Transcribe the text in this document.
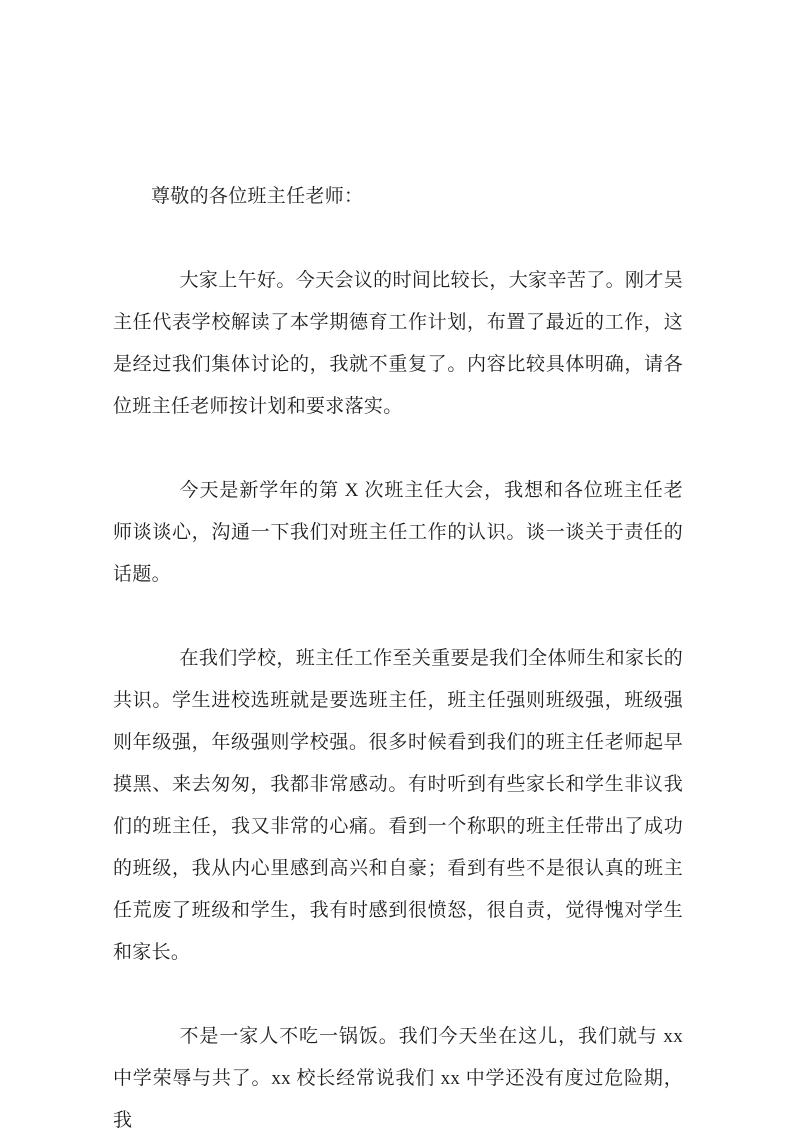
尊敬的各位班主任老师：

大家上午好。今天会议的时间比较长，大家辛苦了。刚才吴主任代表学校解读了本学期德育工作计划，布置了最近的工作，这是经过我们集体讨论的，我就不重复了。内容比较具体明确，请各位班主任老师按计划和要求落实。

今天是新学年的第 X 次班主任大会，我想和各位班主任老师谈谈心，沟通一下我们对班主任工作的认识。谈一谈关于责任的话题。

在我们学校，班主任工作至关重要是我们全体师生和家长的共识。学生进校选班就是要选班主任，班主任强则班级强，班级强则年级强，年级强则学校强。很多时候看到我们的班主任老师起早摸黑、来去匆匆，我都非常感动。有时听到有些家长和学生非议我们的班主任，我又非常的心痛。看到一个称职的班主任带出了成功的班级，我从内心里感到高兴和自豪；看到有些不是很认真的班主任荒废了班级和学生，我有时感到很愤怒，很自责，觉得愧对学生和家长。

不是一家人不吃一锅饭。我们今天坐在这儿，我们就与 xx 中学荣辱与共了。xx 校长经常说我们 xx 中学还没有度过危险期，我
